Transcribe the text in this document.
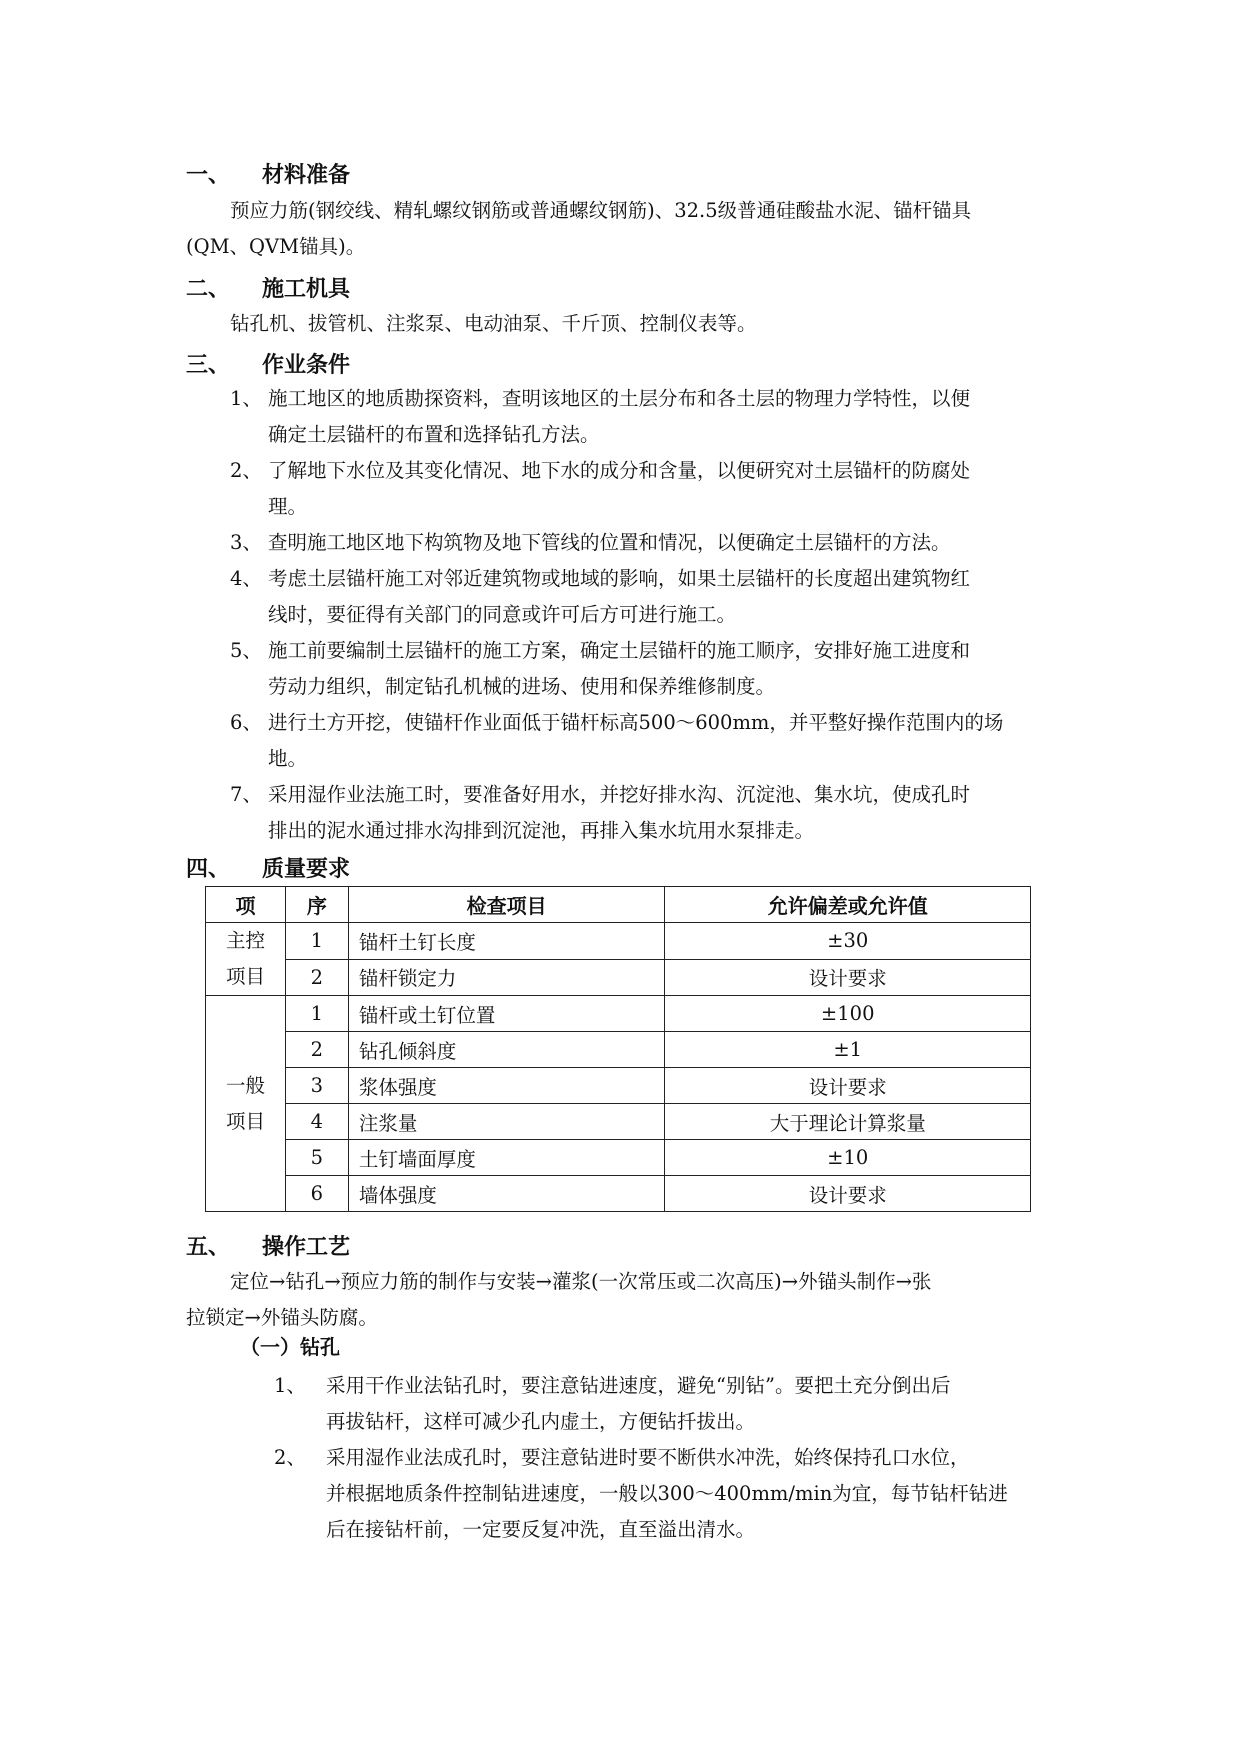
一、 材料准备
预应力筋(钢绞线、精轧螺纹钢筋或普通螺纹钢筋)、32.5级普通硅酸盐水泥、锚杆锚具
(QM、QVM锚具)。
二、 施工机具
钻孔机、拔管机、注浆泵、电动油泵、千斤顶、控制仪表等。
三、 作业条件
1、 施工地区的地质勘探资料，查明该地区的土层分布和各土层的物理力学特性，以便
确定土层锚杆的布置和选择钻孔方法。
2、 了解地下水位及其变化情况、地下水的成分和含量，以便研究对土层锚杆的防腐处
理。
3、 查明施工地区地下构筑物及地下管线的位置和情况，以便确定土层锚杆的方法。
4、 考虑土层锚杆施工对邻近建筑物或地域的影响，如果土层锚杆的长度超出建筑物红
线时，要征得有关部门的同意或许可后方可进行施工。
5、 施工前要编制土层锚杆的施工方案，确定土层锚杆的施工顺序，安排好施工进度和
劳动力组织，制定钻孔机械的进场、使用和保养维修制度。
6、 进行土方开挖，使锚杆作业面低于锚杆标高500～600mm，并平整好操作范围内的场
地。
7、 采用湿作业法施工时，要准备好用水，并挖好排水沟、沉淀池、集水坑，使成孔时
排出的泥水通过排水沟排到沉淀池，再排入集水坑用水泵排走。
四、 质量要求
项	序	检查项目	允许偏差或允许值

主控
项目	1	锚杆土钉长度	±30
	2	锚杆锁定力	设计要求

一般
项目	1	锚杆或土钉位置	±100
	2	钻孔倾斜度	±1
	3	浆体强度	设计要求
	4	注浆量	大于理论计算浆量
	5	土钉墙面厚度	±10
	6	墙体强度	设计要求
五、 操作工艺
定位→钻孔→预应力筋的制作与安装→灌浆(一次常压或二次高压)→外锚头制作→张
拉锁定→外锚头防腐。
（一）钻孔
1、 采用干作业法钻孔时，要注意钻进速度，避免“别钻”。要把土充分倒出后
再拔钻杆，这样可减少孔内虚土，方便钻扦拔出。
2、 采用湿作业法成孔时，要注意钻进时要不断供水冲洗，始终保持孔口水位，
并根据地质条件控制钻进速度，一般以300～400mm/min为宜，每节钻杆钻进
后在接钻杆前，一定要反复冲洗，直至溢出清水。
